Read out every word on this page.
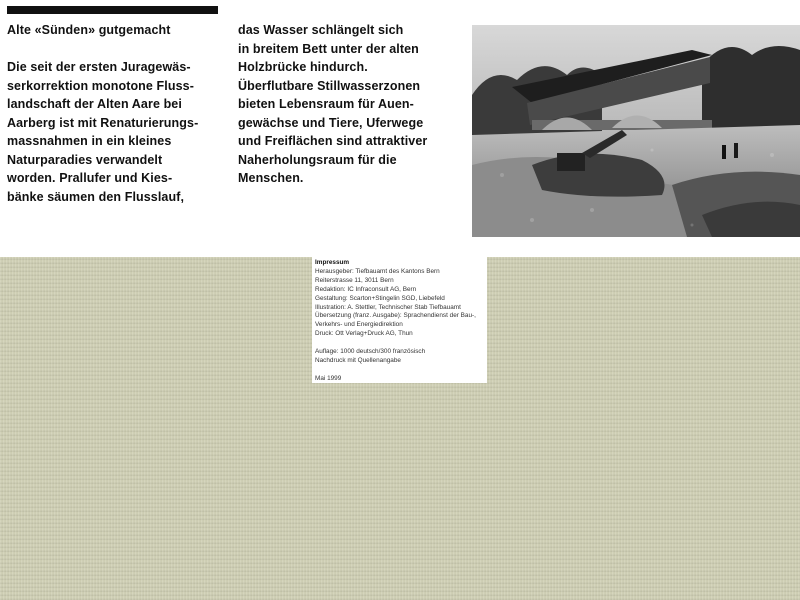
Alte «Sünden» gutgemacht

Die seit der ersten Juragewäs-

serkorrektion monotone Fluss-

landschaft der Alten Aare bei

Aarberg ist mit Renaturierungs-

massnahmen in ein kleines

Naturparadies verwandelt

worden. Prallufer und Kies-

bänke säumen den Flusslauf,

das Wasser schlängelt sich

in breitem Bett unter der alten

Holzbrücke hindurch.

Überflutbare Stillwasserzonen

bieten Lebensraum für Auen-

gewächse und Tiere, Uferwege

und Freiflächen sind attraktiver

Naherholungsraum für die

Menschen.

Impressum
Herausgeber: Tiefbauamt des Kantons Bern
Reiterstrasse 11, 3011 Bern
Redaktion: IC Infraconsult AG, Bern
Gestaltung: Scarton+Stingelin SGD, Liebefeld
Illustration: A. Stettler, Technischer Stab Tiefbauamt
Übersetzung (franz. Ausgabe): Sprachendienst der Bau-,
Verkehrs- und Energiedirektion
Druck: Ott Verlag+Druck AG, Thun
Auflage: 1000 deutsch/300 französisch
Nachdruck mit Quellenangabe
Mai 1999
